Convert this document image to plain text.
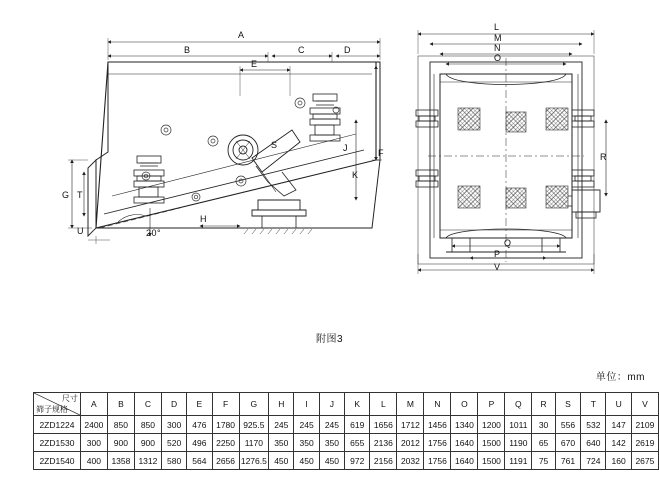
A
B	C	D
E
F
G
H
J
K
S
T
U	20°
L
M
N
O
P
Q
R
V
附图3
单位：mm
尺寸
筛子规格	A	B	C	D	E	F	G	H	I	J	K	L	M	N	O	P	Q	R	S	T	U	V
2ZD1224	2400	850	850	300	476	1780	925.5	245	245	245	619	1656	1712	1456	1340	1200	1011	30	556	532	147	2109
2ZD1530	300	900	900	520	496	2250	1170	350	350	350	655	2136	2012	1756	1640	1500	1190	65	670	640	142	2619
2ZD1540	400	1358	1312	580	564	2656	1276.5	450	450	450	972	2156	2032	1756	1640	1500	1191	75	761	724	160	2675
